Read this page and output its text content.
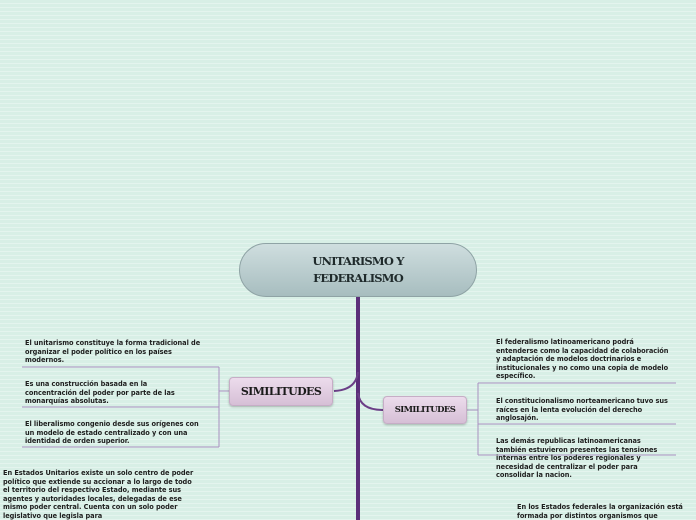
UNITARISMO Y FEDERALISMO
SIMILITUDES
SIMILITUDES
El unitarismo constituye la forma tradicional de organizar el poder político en los países modernos.
Es una construcción basada en la concentración del poder por parte de las monarquías absolutas.
El liberalismo congenio desde sus orígenes con un modelo de estado centralizado y con una identidad de orden superior.
En Estados Unitarios existe un solo centro de poder político que extiende su accionar a lo largo de todo el territorio del respectivo Estado, mediante sus agentes y autoridades locales, delegadas de ese mismo poder central. Cuenta con un solo poder legislativo que legisla para
El federalismo latinoamericano podrá entenderse como la capacidad de colaboración y adaptación de modelos doctrinarios e institucionales y no como una copia de modelo específico.
El constitucionalismo norteamericano tuvo sus raíces en la lenta evolución del derecho anglosajón.
Las demás republicas latinoamericanas también estuvieron presentes las tensiones internas entre los poderes regionales y necesidad de centralizar el poder para consolidar la nacion.
En los Estados federales la organización está formada por distintos organismos que
